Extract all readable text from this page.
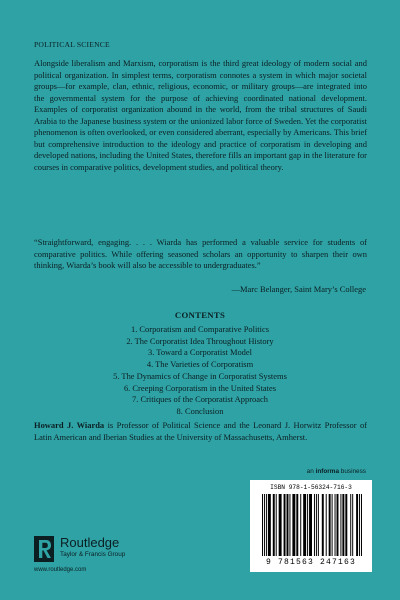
POLITICAL SCIENCE

Alongside liberalism and Marxism, corporatism is the third great ideology of modern social and political organization. In simplest terms, corporatism connotes a system in which major societal groups—for example, clan, ethnic, religious, economic, or military groups—are integrated into the governmental system for the purpose of achieving coordinated national development. Examples of corporatist organization abound in the world, from the tribal structures of Saudi Arabia to the Japanese business system or the unionized labor force of Sweden. Yet the corporatist phenomenon is often overlooked, or even considered aberrant, especially by Americans. This brief but comprehensive introduction to the ideology and practice of corporatism in developing and developed nations, including the United States, therefore fills an important gap in the literature for courses in comparative politics, development studies, and political theory.

“Straightforward, engaging. . . . Wiarda has performed a valuable service for students of comparative politics. While offering seasoned scholars an opportunity to sharpen their own thinking, Wiarda’s book will also be accessible to undergraduates.”

—Marc Belanger, Saint Mary’s College
CONTENTS
1. Corporatism and Comparative Politics
2. The Corporatist Idea Throughout History
3. Toward a Corporatist Model
4. The Varieties of Corporatism
5. The Dynamics of Change in Corporatist Systems
6. Creeping Corporatism in the United States
7. Critiques of the Corporatist Approach
8. Conclusion

Howard J. Wiarda is Professor of Political Science and the Leonard J. Horwitz Professor of Latin American and Iberian Studies at the University of Massachusetts, Amherst.

an informa business
ISBN 978-1-56324-716-3
9 781563 247163
Routledge
Taylor & Francis Group
www.routledge.com
